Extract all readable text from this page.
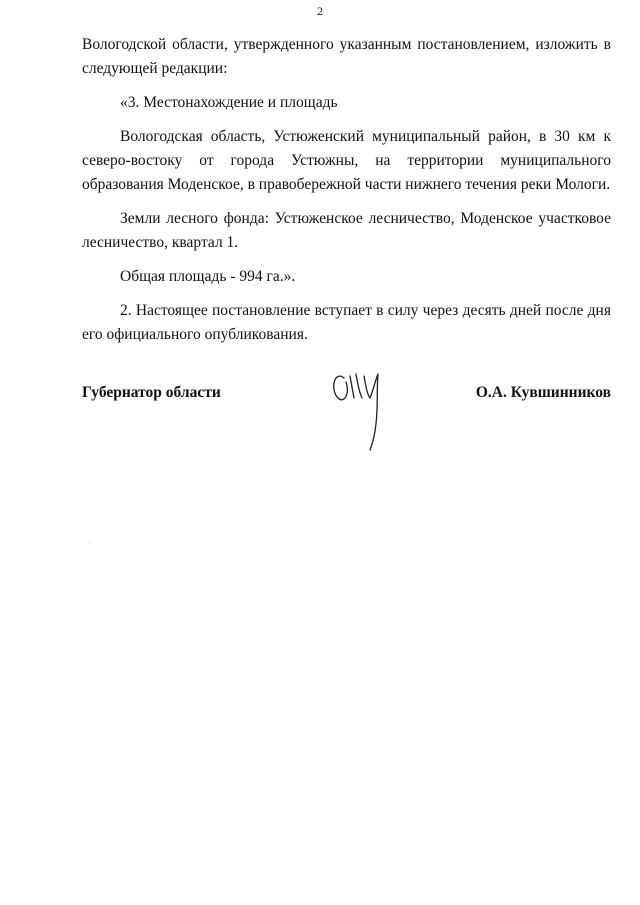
2

Вологодской области, утвержденного указанным постановлением, изложить в следующей редакции:

«3. Местонахождение и площадь

Вологодская область, Устюженский муниципальный район, в 30 км к северо-востоку от города Устюжны, на территории муниципального образования Моденское, в правобережной части нижнего течения реки Мологи.

Земли лесного фонда: Устюженское лесничество, Моденское участковое лесничество, квартал 1.

Общая площадь - 994 га.».

2. Настоящее постановление вступает в силу через десять дней после дня его официального опубликования.

Губернатор области	О.А. Кувшинников
